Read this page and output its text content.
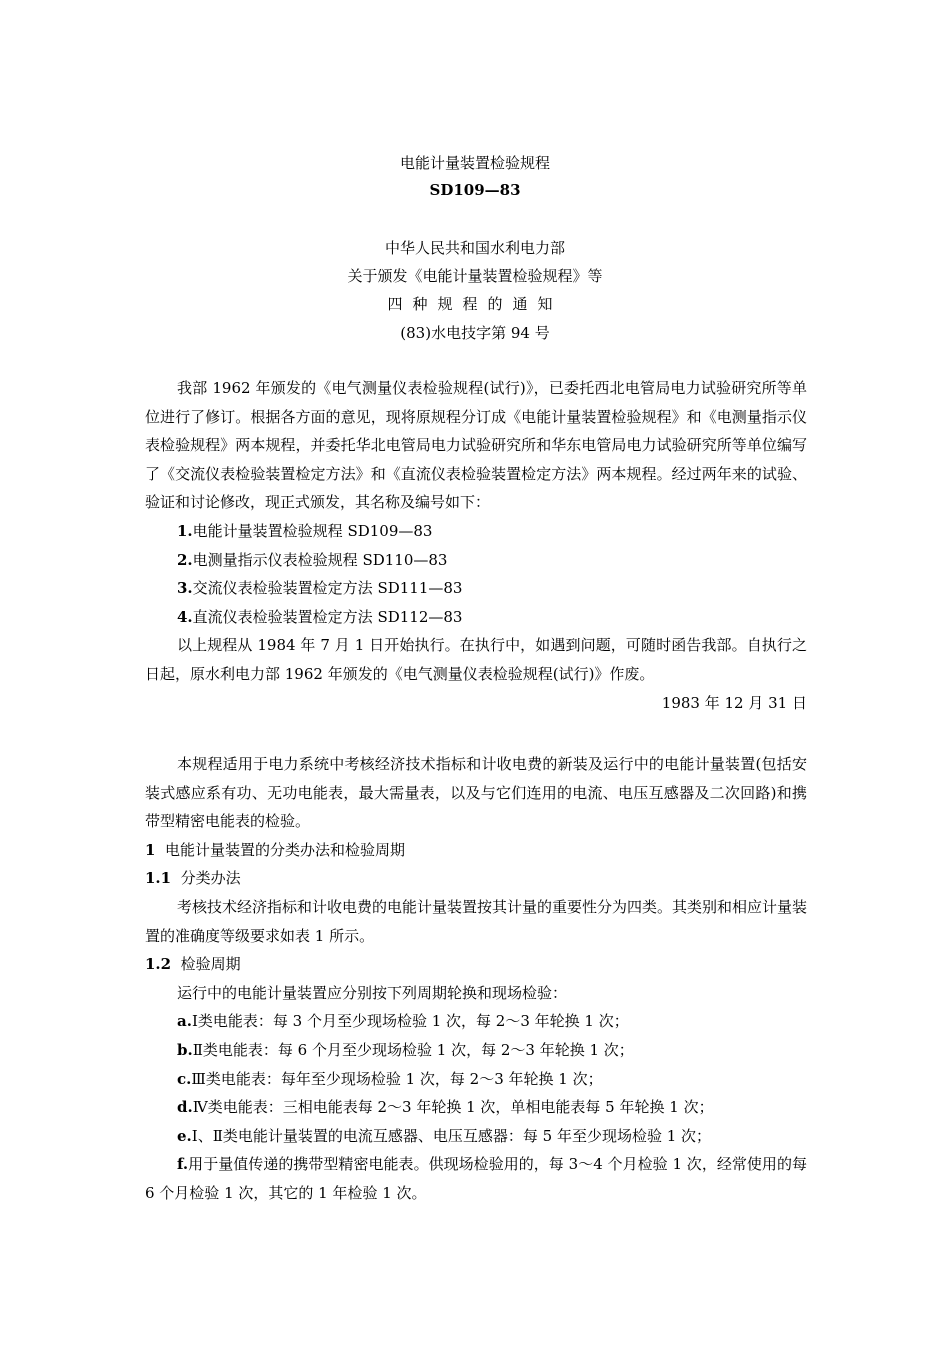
电能计量装置检验规程
SD109—83
中华人民共和国水利电力部
关于颁发《电能计量装置检验规程》等
四种规程的通知
(83)水电技字第 94 号

我部 1962 年颁发的《电气测量仪表检验规程(试行)》，已委托西北电管局电力试验研究所等单位进行了修订。根据各方面的意见，现将原规程分订成《电能计量装置检验规程》和《电测量指示仪表检验规程》两本规程，并委托华北电管局电力试验研究所和华东电管局电力试验研究所等单位编写了《交流仪表检验装置检定方法》和《直流仪表检验装置检定方法》两本规程。经过两年来的试验、验证和讨论修改，现正式颁发，其名称及编号如下：

1.电能计量装置检验规程 SD109—83

2.电测量指示仪表检验规程 SD110—83

3.交流仪表检验装置检定方法 SD111—83

4.直流仪表检验装置检定方法 SD112—83

以上规程从 1984 年 7 月 1 日开始执行。在执行中，如遇到问题，可随时函告我部。自执行之日起，原水利电力部 1962 年颁发的《电气测量仪表检验规程(试行)》作废。

1983 年 12 月 31 日

本规程适用于电力系统中考核经济技术指标和计收电费的新装及运行中的电能计量装置(包括安装式感应系有功、无功电能表，最大需量表，以及与它们连用的电流、电压互感器及二次回路)和携带型精密电能表的检验。

1 电能计量装置的分类办法和检验周期

1.1 分类办法

考核技术经济指标和计收电费的电能计量装置按其计量的重要性分为四类。其类别和相应计量装置的准确度等级要求如表 1 所示。

1.2 检验周期

运行中的电能计量装置应分别按下列周期轮换和现场检验：

a.Ⅰ类电能表：每 3 个月至少现场检验 1 次，每 2～3 年轮换 1 次；

b.Ⅱ类电能表：每 6 个月至少现场检验 1 次，每 2～3 年轮换 1 次；

c.Ⅲ类电能表：每年至少现场检验 1 次，每 2～3 年轮换 1 次；

d.Ⅳ类电能表：三相电能表每 2～3 年轮换 1 次，单相电能表每 5 年轮换 1 次；

e.Ⅰ、Ⅱ类电能计量装置的电流互感器、电压互感器：每 5 年至少现场检验 1 次；

f.用于量值传递的携带型精密电能表。供现场检验用的，每 3～4 个月检验 1 次，经常使用的每 6 个月检验 1 次，其它的 1 年检验 1 次。
